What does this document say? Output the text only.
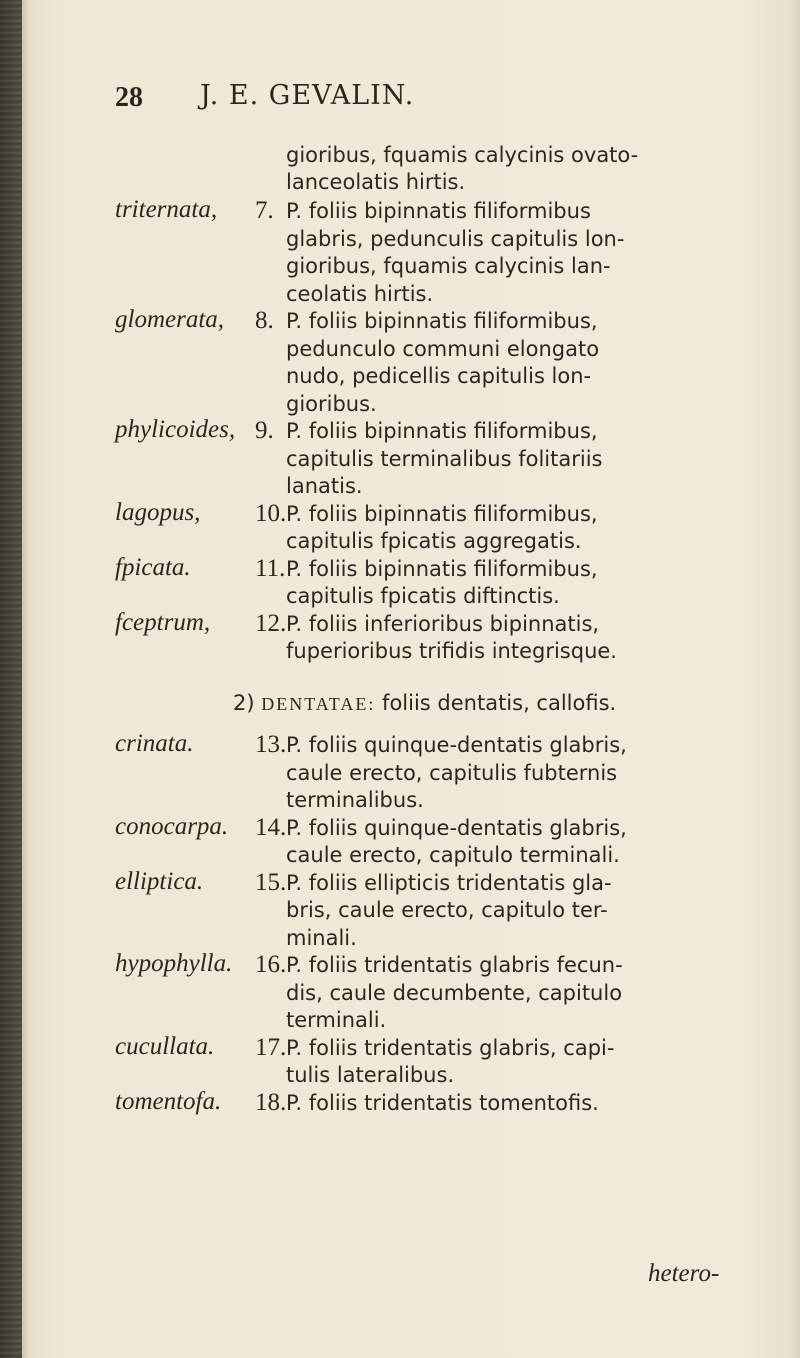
28 J. E. GEVALIN.
gioribus, fquamis calycinis ovato-
lanceolatis hirtis.
triternata, 7. P. foliis bipinnatis filiformibus
glabris, pedunculis capitulis lon-
gioribus, fquamis calycinis lan-
ceolatis hirtis.
glomerata, 8. P. foliis bipinnatis filiformibus,
pedunculo communi elongato
nudo, pedicellis capitulis lon-
gioribus.
phylicoides, 9. P. foliis bipinnatis filiformibus,
capitulis terminalibus folitariis
lanatis.
lagopus, 10. P. foliis bipinnatis filiformibus,
capitulis fpicatis aggregatis.
fpicata.	11. P. foliis bipinnatis filiformibus,
capitulis fpicatis diftinctis.
fceptrum, 12. P. foliis inferioribus bipinnatis,
fuperioribus trifidis integrisque.
crinata. 13. P. foliis quinque-dentatis glabris,
caule erecto, capitulis fubternis
terminalibus.
conocarpa. 14. P. foliis quinque-dentatis glabris,
caule erecto, capitulo terminali.
elliptica. 15. P. foliis ellipticis tridentatis gla-
bris, caule erecto, capitulo ter-
minali.
hypophylla. 16. P. foliis tridentatis glabris fecun-
dis, caule decumbente, capitulo
terminali.
cucullata. 17. P. foliis tridentatis glabris, capi-
tulis lateralibus.
tomentofa. 18. P. foliis tridentatis tomentofis.
2) DENTATAE: foliis dentatis, callofis.
hetero-
